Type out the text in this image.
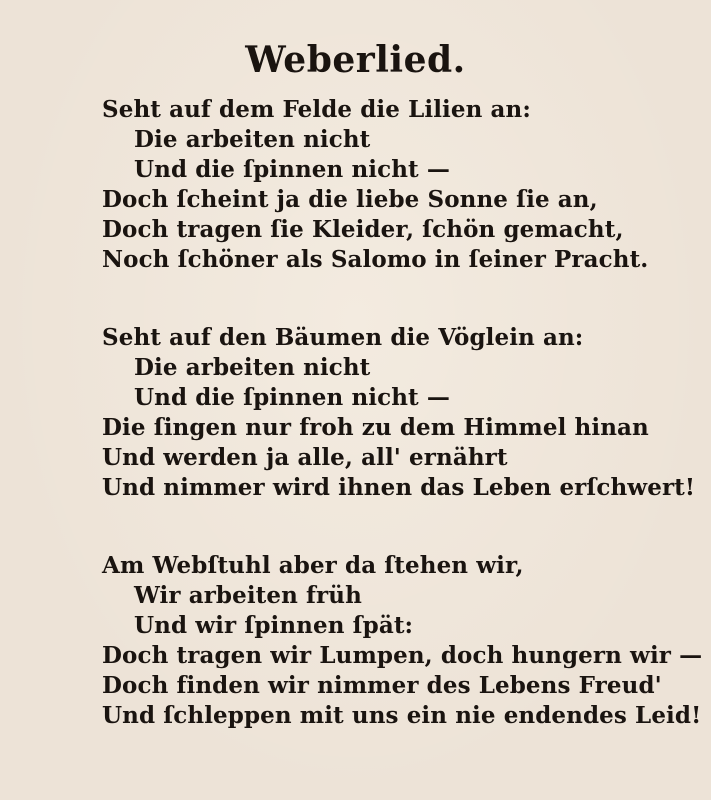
Weberlied.
Seht auf dem Felde die Lilien an:
Die arbeiten nicht
Und die ſpinnen nicht —
Doch ſcheint ja die liebe Sonne ſie an,
Doch tragen ſie Kleider, ſchön gemacht,
Noch ſchöner als Salomo in ſeiner Pracht.
Seht auf den Bäumen die Vöglein an:
Die arbeiten nicht
Und die ſpinnen nicht —
Die ſingen nur froh zu dem Himmel hinan
Und werden ja alle, all' ernährt
Und nimmer wird ihnen das Leben erſchwert!
Am Webſtuhl aber da ſtehen wir,
Wir arbeiten früh
Und wir ſpinnen ſpät:
Doch tragen wir Lumpen, doch hungern wir —
Doch finden wir nimmer des Lebens Freud'
Und ſchleppen mit uns ein nie endendes Leid!
